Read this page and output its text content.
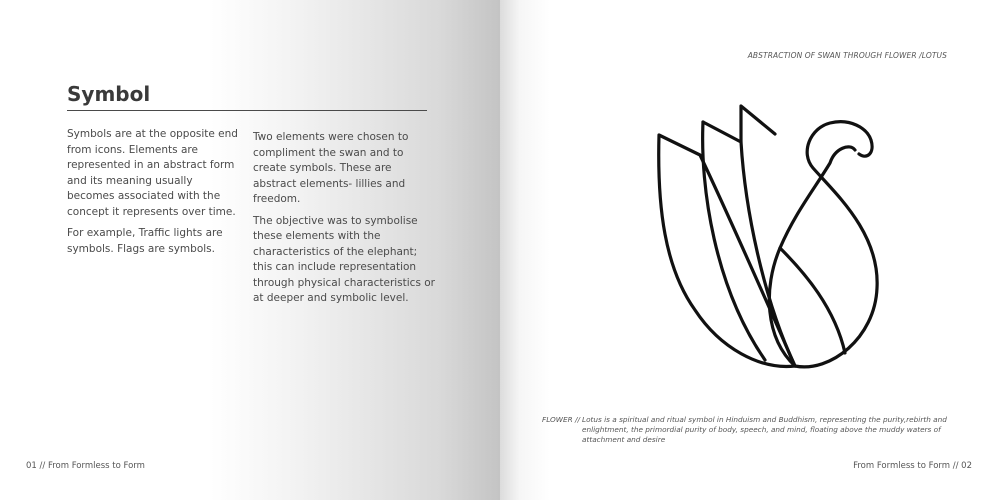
Symbol

Symbols are at the opposite end from icons. Elements are represented in an abstract form and its meaning usually becomes associated with the concept it represents over time.

For example, Traffic lights are symbols. Flags are symbols.

Two elements were chosen to compliment the swan and to create symbols. These are abstract elements- lillies and freedom.

The objective was to symbolise these elements with the characteristics of the elephant; this can include representation through physical characteristics or at deeper and symbolic level.

01 // From Formless to Form
ABSTRACTION OF SWAN THROUGH FLOWER /LOTUS
From Formless to Form // 02
FLOWER // Lotus is a spiritual and ritual symbol in Hinduism and Buddhism, representing the purity,rebirth and enlightment, the primordial purity of body, speech, and mind, floating above the muddy waters of attachment and desire
